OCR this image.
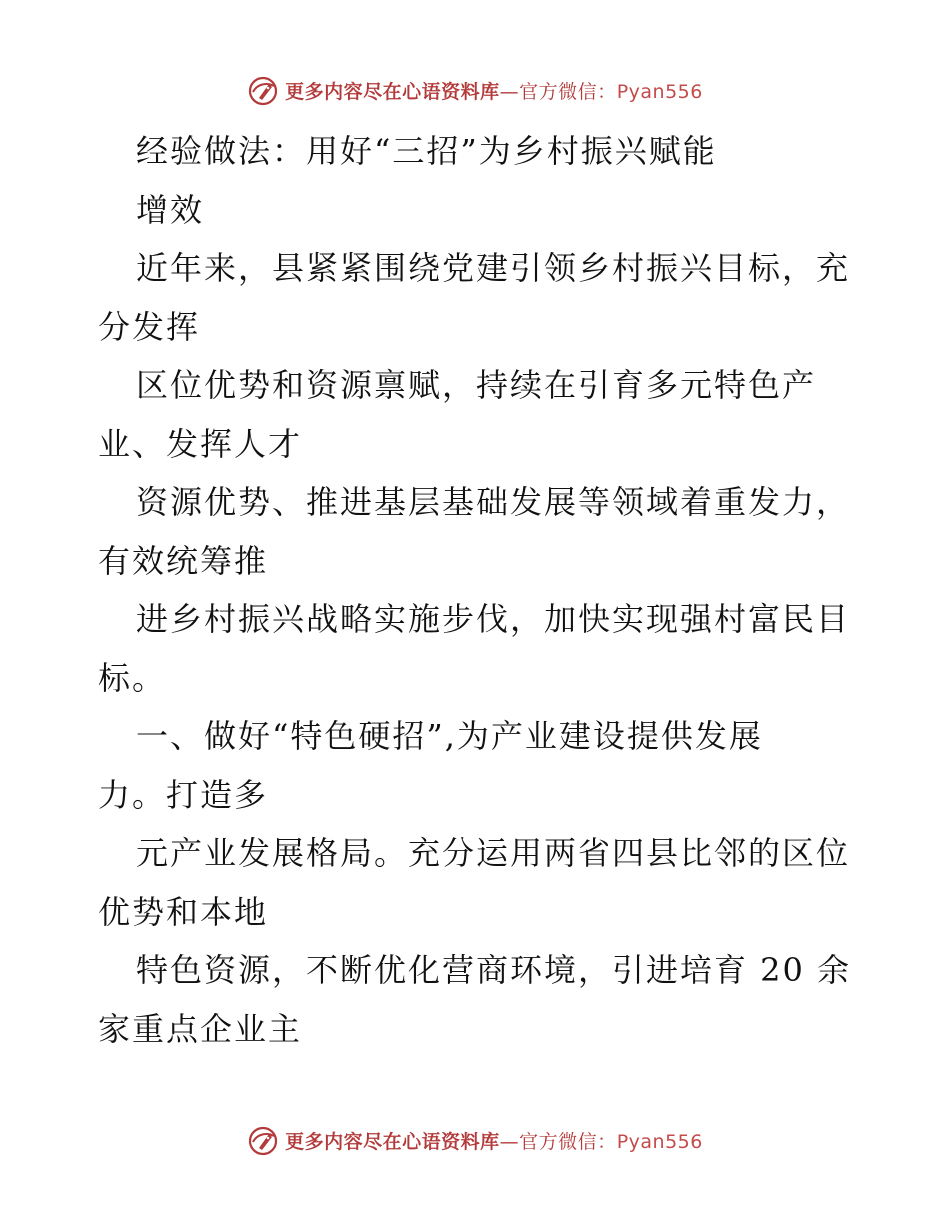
更多内容尽在心语资料库—官方微信：Pyan556
经验做法：用好“三招”为乡村振兴赋能
增效
近年来，县紧紧围绕党建引领乡村振兴目标，充
分发挥
区位优势和资源禀赋，持续在引育多元特色产
业、发挥人才
资源优势、推进基层基础发展等领域着重发力，
有效统筹推
进乡村振兴战略实施步伐，加快实现强村富民目
标。
一、做好“特色硬招”,为产业建设提供发展
力。打造多
元产业发展格局。充分运用两省四县比邻的区位
优势和本地
特色资源，不断优化营商环境，引进培育 20 余
家重点企业主
更多内容尽在心语资料库—官方微信：Pyan556
